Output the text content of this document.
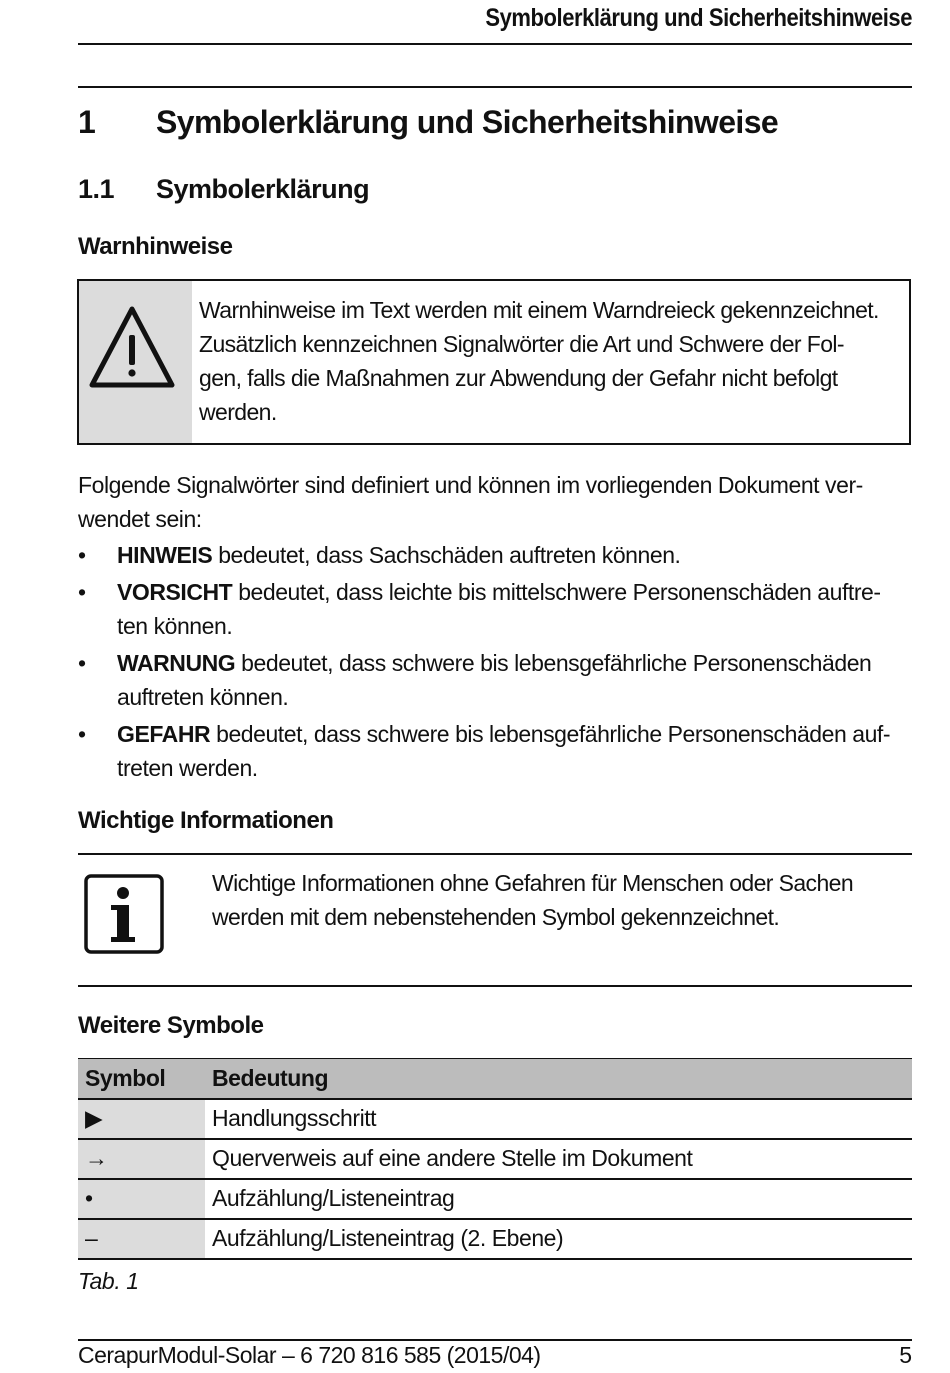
Symbolerklärung und Sicherheitshinweise
1 Symbolerklärung und Sicherheitshinweise
1.1 Symbolerklärung
Warnhinweise
Warnhinweise im Text werden mit einem Warndreieck gekennzeichnet.
Zusätzlich kennzeichnen Signalwörter die Art und Schwere der Fol-
gen, falls die Maßnahmen zur Abwendung der Gefahr nicht befolgt
werden.
Folgende Signalwörter sind definiert und können im vorliegenden Dokument ver-
wendet sein:
• HINWEIS bedeutet, dass Sachschäden auftreten können.
• VORSICHT bedeutet, dass leichte bis mittelschwere Personenschäden auftre-
ten können.
• WARNUNG bedeutet, dass schwere bis lebensgefährliche Personenschäden
auftreten können.
• GEFAHR bedeutet, dass schwere bis lebensgefährliche Personenschäden auf-
treten werden.
Wichtige Informationen
Wichtige Informationen ohne Gefahren für Menschen oder Sachen
werden mit dem nebenstehenden Symbol gekennzeichnet.
Weitere Symbole
Symbol	Bedeutung
▶	Handlungsschritt
→	Querverweis auf eine andere Stelle im Dokument
•	Aufzählung/Listeneintrag
–	Aufzählung/Listeneintrag (2. Ebene)
Tab. 1
CerapurModul-Solar – 6 720 816 585 (2015/04)	5
